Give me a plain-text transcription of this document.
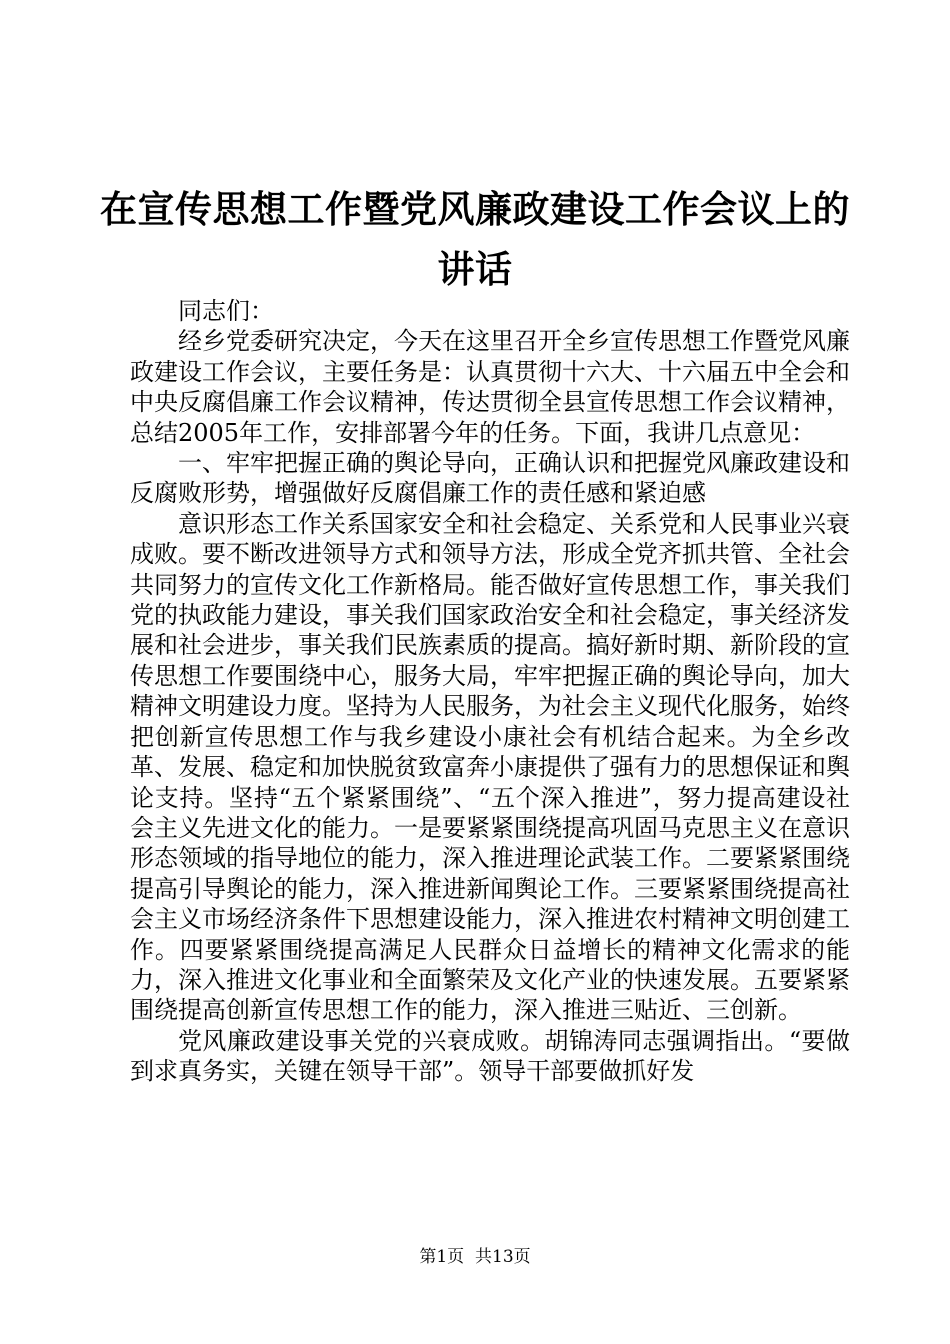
在宣传思想工作暨党风廉政建设工作会议上的讲话

同志们：

经乡党委研究决定，今天在这里召开全乡宣传思想工作暨党风廉政建设工作会议，主要任务是：认真贯彻十六大、十六届五中全会和中央反腐倡廉工作会议精神，传达贯彻全县宣传思想工作会议精神，总结2005年工作，安排部署今年的任务。下面，我讲几点意见：

一、牢牢把握正确的舆论导向，正确认识和把握党风廉政建设和反腐败形势，增强做好反腐倡廉工作的责任感和紧迫感

意识形态工作关系国家安全和社会稳定、关系党和人民事业兴衰成败。要不断改进领导方式和领导方法，形成全党齐抓共管、全社会共同努力的宣传文化工作新格局。能否做好宣传思想工作，事关我们党的执政能力建设，事关我们国家政治安全和社会稳定，事关经济发展和社会进步，事关我们民族素质的提高。搞好新时期、新阶段的宣传思想工作要围绕中心，服务大局，牢牢把握正确的舆论导向，加大精神文明建设力度。坚持为人民服务，为社会主义现代化服务，始终把创新宣传思想工作与我乡建设小康社会有机结合起来。为全乡改革、发展、稳定和加快脱贫致富奔小康提供了强有力的思想保证和舆论支持。坚持“五个紧紧围绕”、“五个深入推进”，努力提高建设社会主义先进文化的能力。一是要紧紧围绕提高巩固马克思主义在意识形态领域的指导地位的能力，深入推进理论武装工作。二要紧紧围绕提高引导舆论的能力，深入推进新闻舆论工作。三要紧紧围绕提高社会主义市场经济条件下思想建设能力，深入推进农村精神文明创建工作。四要紧紧围绕提高满足人民群众日益增长的精神文化需求的能力，深入推进文化事业和全面繁荣及文化产业的快速发展。五要紧紧围绕提高创新宣传思想工作的能力，深入推进三贴近、三创新。

党风廉政建设事关党的兴衰成败。胡锦涛同志强调指出。“要做到求真务实，关键在领导干部”。领导干部要做抓好发

第1页 共13页
